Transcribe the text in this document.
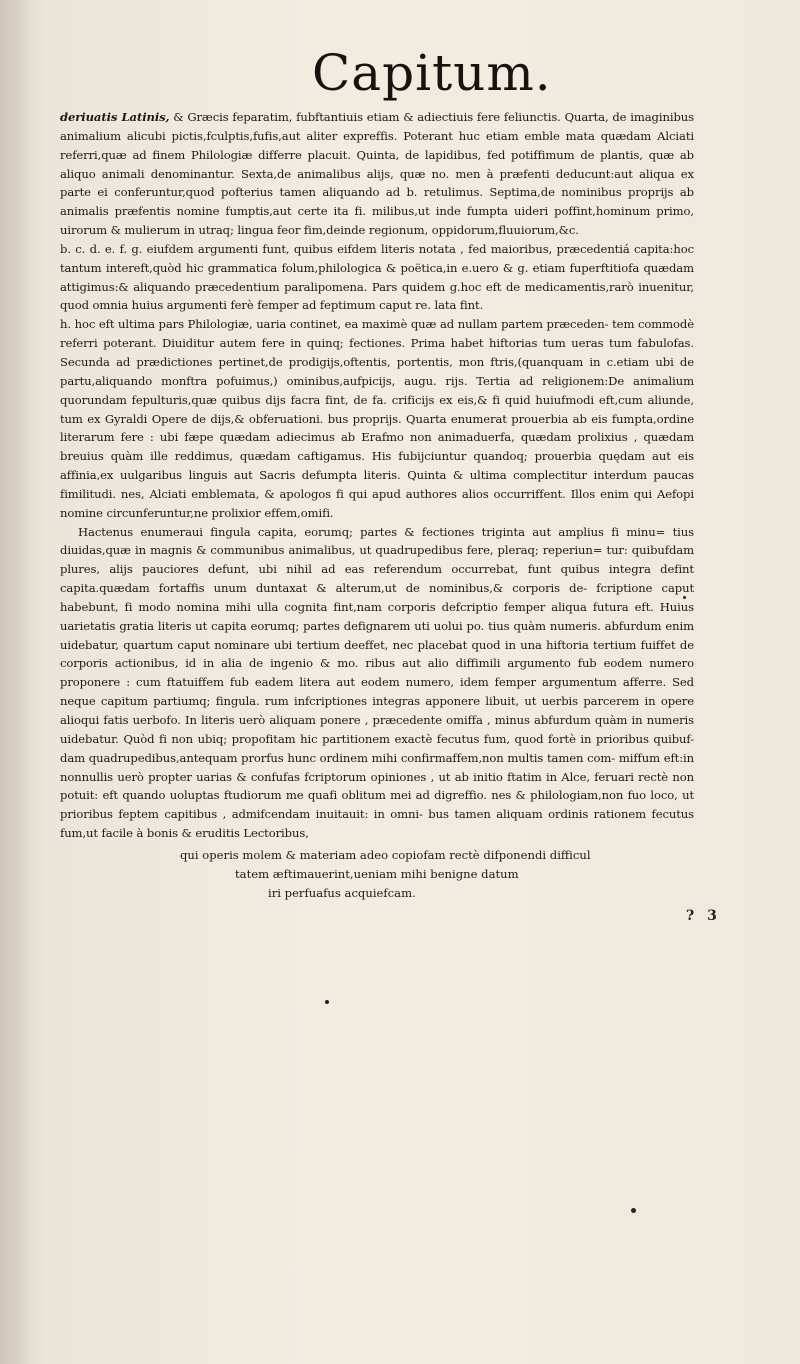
Capitum.

deriuatis Latinis, & Græcis feparatim, fubftantiuis etiam & adiectiuis fere feliunctis. Quarta, de imaginibus animalium alicubi pictis,fculptis,fufis,aut aliter expreffis. Poterant huc etiam emble mata quædam Alciati referri,quæ ad finem Philologiæ differre placuit. Quinta, de lapidibus, fed potiffimum de plantis, quæ ab aliquo animali denominantur. Sexta,de animalibus alijs, quæ no. men à præfenti deducunt:aut aliqua ex parte ei conferuntur,quod pofterius tamen aliquando ad b. retulimus. Septima,de nominibus proprijs ab animalis præfentis nomine fumptis,aut certe ita fi. milibus,ut inde fumpta uideri poffint,hominum primo, uirorum & mulierum in utraq; lingua feor fim,deinde regionum, oppidorum,fluuiorum,&c.

b. c. d. e. f. g. eiufdem argumenti funt, quibus eifdem literis notata , fed maioribus, præcedentiá capita:hoc tantum intereft,quòd hic grammatica folum,philologica & poëtica,in e.uero & g. etiam fuperftitiofa quædam attigimus:& aliquando præcedentium paralipomena. Pars quidem g.hoc eft de medicamentis,rarò inuenitur, quod omnia huius argumenti ferè femper ad feptimum caput re. lata fint.

h. hoc eft ultima pars Philologiæ, uaria continet, ea maximè quæ ad nullam partem præceden- tem commodè referri poterant. Diuiditur autem fere in quinq; fectiones. Prima habet hiftorias tum ueras tum fabulofas. Secunda ad prædictiones pertinet,de prodigijs,oftentis, portentis, mon ftris,(quanquam in c.etiam ubi de partu,aliquando monftra pofuimus,) ominibus,aufpicijs, augu. rijs. Tertia ad religionem:De animalium quorundam fepulturis,quæ quibus dijs facra fint, de fa. crificijs ex eis,& fi quid huiufmodi eft,cum aliunde, tum ex Gyraldi Opere de dijs,& obferuationi. bus proprijs. Quarta enumerat prouerbia ab eis fumpta,ordine literarum fere : ubi fæpe quædam adiecimus ab Erafmo non animaduerfa, quædam prolixius , quædam breuius quàm ille reddimus, quædam caftigamus. His fubijciuntur quandoq; prouerbia quędam aut eis affinia,ex uulgaribus linguis aut Sacris defumpta literis. Quinta & ultima complectitur interdum paucas fimilitudi. nes, Alciati emblemata, & apologos fi qui apud authores alios occurriffent. Illos enim qui Aefopi nomine circunferuntur,ne prolixior effem,omifi.

Hactenus enumeraui fingula capita, eorumq; partes & fectiones triginta aut amplius fi minu= tius diuidas,quæ in magnis & communibus animalibus, ut quadrupedibus fere, pleraq; reperiun= tur: quibufdam plures, alijs pauciores defunt, ubi nihil ad eas referendum occurrebat, funt quibus integra defint capita.quædam fortaffis unum duntaxat & alterum,ut de nominibus,& corporis de- fcriptione caput habebunt, fi modo nomina mihi ulla cognita fint,nam corporis defcriptio femper aliqua futura eft. Huius uarietatis gratia literis ut capita eorumq; partes defignarem uti uolui po. tius quàm numeris. abfurdum enim uidebatur, quartum caput nominare ubi tertium deeffet, nec placebat quod in una hiftoria tertium fuiffet de corporis actionibus, id in alia de ingenio & mo. ribus aut alio diffimili argumento fub eodem numero proponere : cum ftatuiffem fub eadem litera aut eodem numero, idem femper argumentum afferre. Sed neque capitum partiumq; fingula. rum infcriptiones integras apponere libuit, ut uerbis parcerem in opere alioqui fatis uerbofo. In literis uerò aliquam ponere , præcedente omiffa , minus abfurdum quàm in numeris uidebatur. Quòd fi non ubiq; propofitam hic partitionem exactè fecutus fum, quod fortè in prioribus quibuf- dam quadrupedibus,antequam prorfus hunc ordinem mihi confirmaffem,non multis tamen com- miffum eft:in nonnullis uerò propter uarias & confufas fcriptorum opiniones , ut ab initio ftatim in Alce, feruari rectè non potuit: eft quando uoluptas ftudiorum me quafi oblitum mei ad digreffio. nes & philologiam,non fuo loco, ut prioribus feptem capitibus , admifcendam inuitauit: in omni- bus tamen aliquam ordinis rationem fecutus fum,ut facile à bonis & eruditis Lectoribus,

qui operis molem & materiam adeo copiofam rectè difponendi difficul
tatem æftimauerint,ueniam mihi benigne datum
iri perfuafus acquiefcam.
? 3
